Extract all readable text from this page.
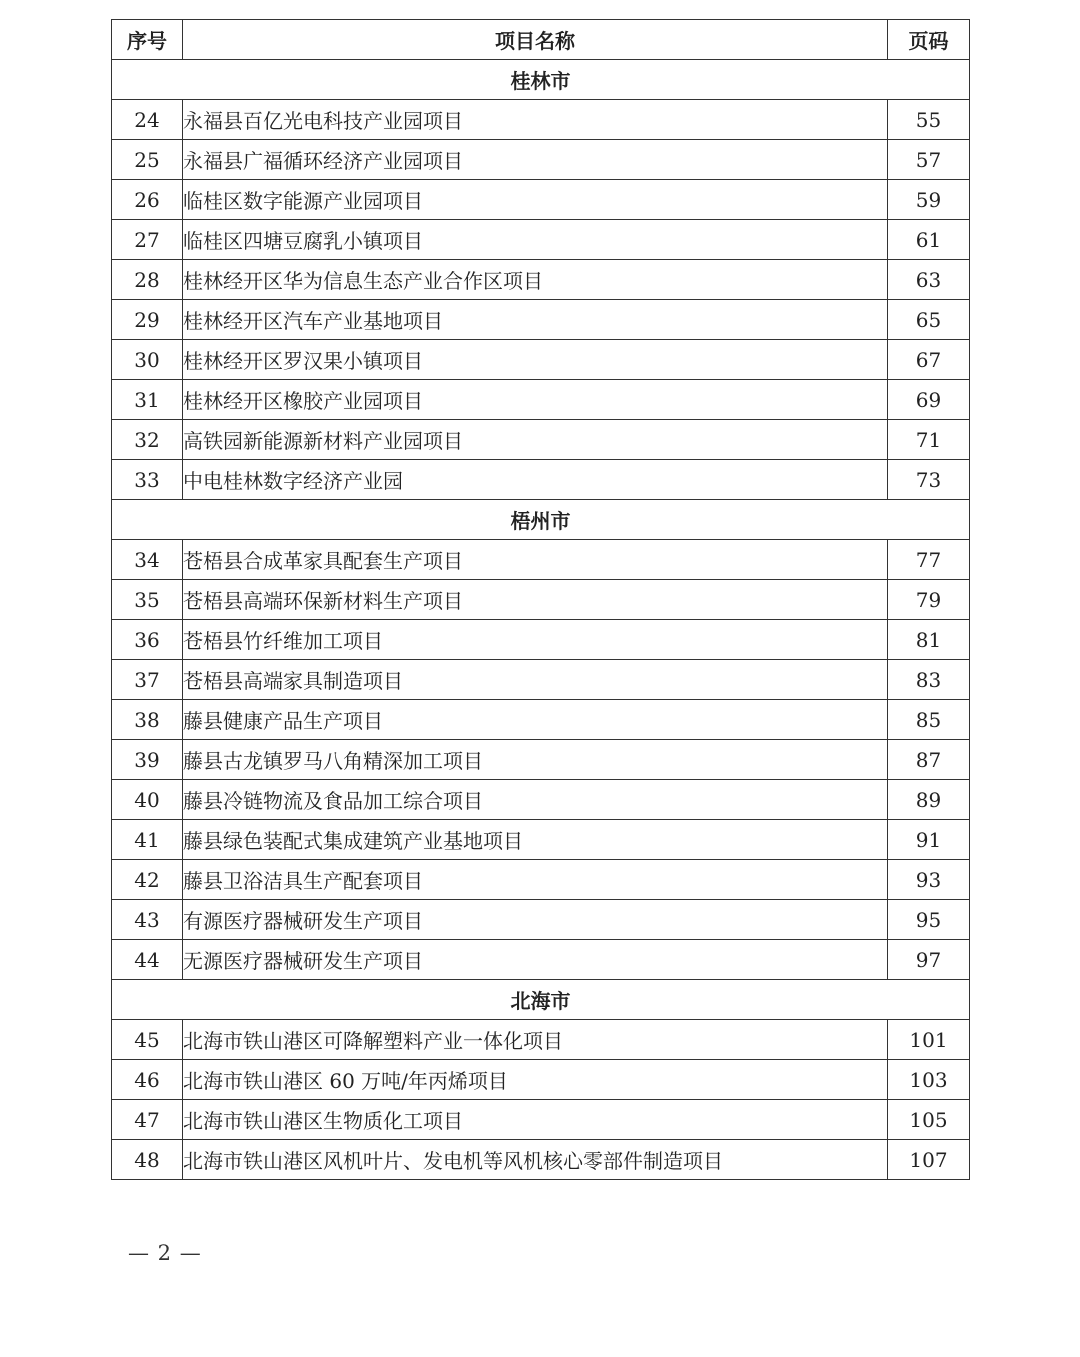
序号	项目名称	页码
桂林市		
24	永福县百亿光电科技产业园项目	55
25	永福县广福循环经济产业园项目	57
26	临桂区数字能源产业园项目	59
27	临桂区四塘豆腐乳小镇项目	61
28	桂林经开区华为信息生态产业合作区项目	63
29	桂林经开区汽车产业基地项目	65
30	桂林经开区罗汉果小镇项目	67
31	桂林经开区橡胶产业园项目	69
32	高铁园新能源新材料产业园项目	71
33	中电桂林数字经济产业园	73
梧州市		
34	苍梧县合成革家具配套生产项目	77
35	苍梧县高端环保新材料生产项目	79
36	苍梧县竹纤维加工项目	81
37	苍梧县高端家具制造项目	83
38	藤县健康产品生产项目	85
39	藤县古龙镇罗马八角精深加工项目	87
40	藤县冷链物流及食品加工综合项目	89
41	藤县绿色装配式集成建筑产业基地项目	91
42	藤县卫浴洁具生产配套项目	93
43	有源医疗器械研发生产项目	95
44	无源医疗器械研发生产项目	97
北海市		
45	北海市铁山港区可降解塑料产业一体化项目	101
46	北海市铁山港区 60 万吨/年丙烯项目	103
47	北海市铁山港区生物质化工项目	105
48	北海市铁山港区风机叶片、发电机等风机核心零部件制造项目	107
— 2 —
